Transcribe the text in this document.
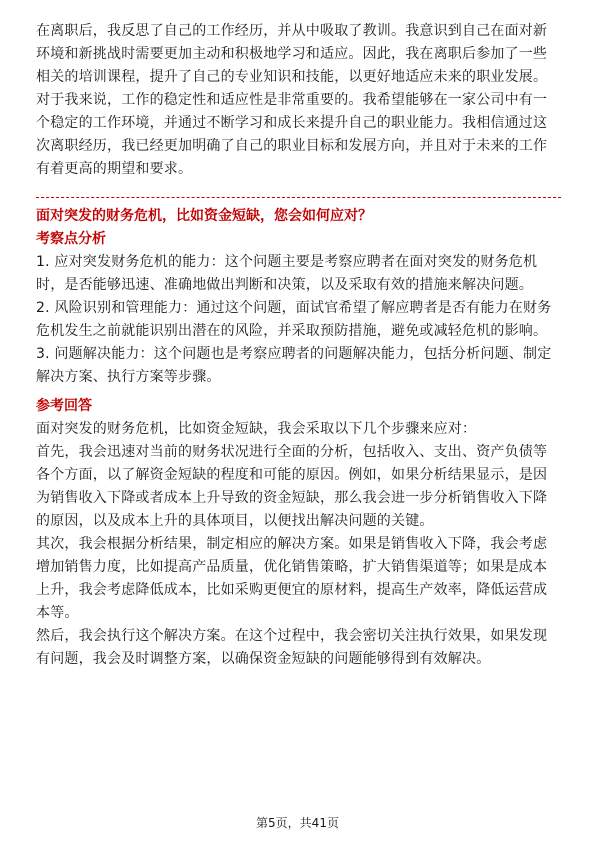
在离职后，我反思了自己的工作经历，并从中吸取了教训。我意识到自己在面对新环境和新挑战时需要更加主动和积极地学习和适应。因此，我在离职后参加了一些相关的培训课程，提升了自己的专业知识和技能，以更好地适应未来的职业发展。对于我来说，工作的稳定性和适应性是非常重要的。我希望能够在一家公司中有一个稳定的工作环境，并通过不断学习和成长来提升自己的职业能力。我相信通过这次离职经历，我已经更加明确了自己的职业目标和发展方向，并且对于未来的工作有着更高的期望和要求。

面对突发的财务危机，比如资金短缺，您会如何应对？

考察点分析

1. 应对突发财务危机的能力：这个问题主要是考察应聘者在面对突发的财务危机时，是否能够迅速、准确地做出判断和决策，以及采取有效的措施来解决问题。

2. 风险识别和管理能力：通过这个问题，面试官希望了解应聘者是否有能力在财务危机发生之前就能识别出潜在的风险，并采取预防措施，避免或减轻危机的影响。

3. 问题解决能力：这个问题也是考察应聘者的问题解决能力，包括分析问题、制定解决方案、执行方案等步骤。

参考回答

面对突发的财务危机，比如资金短缺，我会采取以下几个步骤来应对：

首先，我会迅速对当前的财务状况进行全面的分析，包括收入、支出、资产负债等各个方面，以了解资金短缺的程度和可能的原因。例如，如果分析结果显示，是因为销售收入下降或者成本上升导致的资金短缺，那么我会进一步分析销售收入下降的原因，以及成本上升的具体项目，以便找出解决问题的关键。

其次，我会根据分析结果，制定相应的解决方案。如果是销售收入下降，我会考虑增加销售力度，比如提高产品质量，优化销售策略，扩大销售渠道等；如果是成本上升，我会考虑降低成本，比如采购更便宜的原材料，提高生产效率，降低运营成本等。

然后，我会执行这个解决方案。在这个过程中，我会密切关注执行效果，如果发现有问题，我会及时调整方案，以确保资金短缺的问题能够得到有效解决。

第5页，共41页
